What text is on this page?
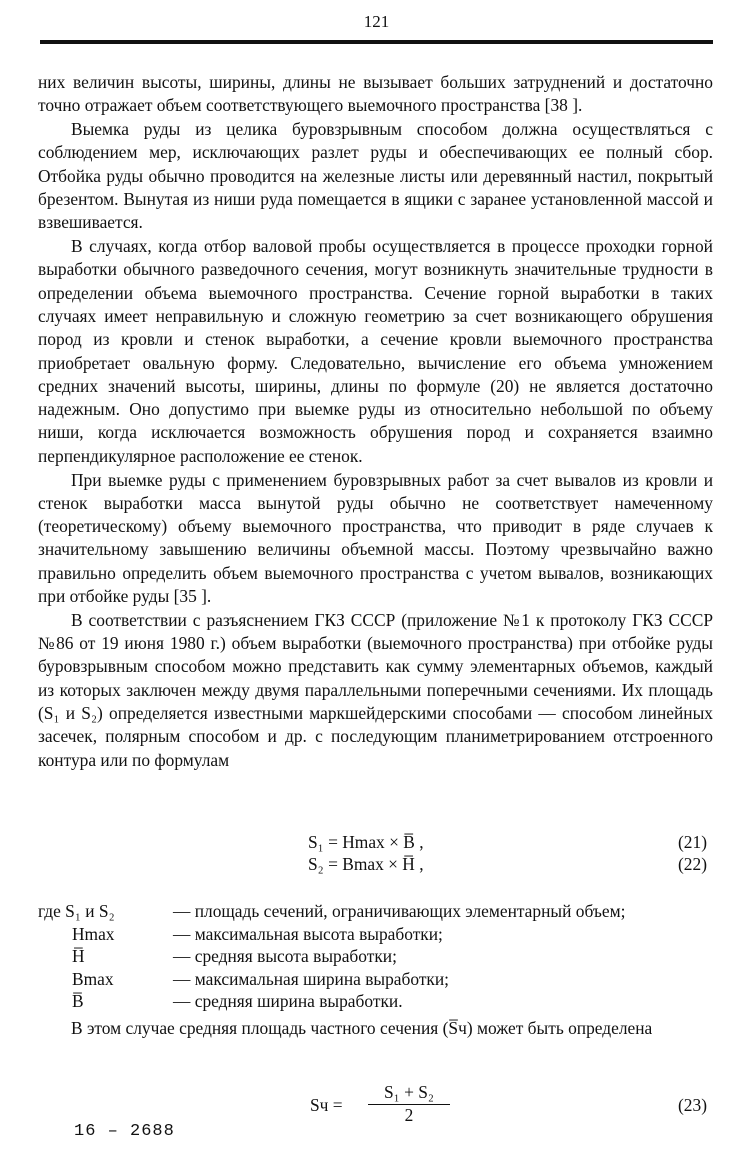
121

них величин высоты, ширины, длины не вызывает больших затруднений и достаточно точно отражает объем соответствующего выемочного пространства [38 ].

Выемка руды из целика буровзрывным способом должна осуществляться с соблюдением мер, исключающих разлет руды и обеспечивающих ее полный сбор. Отбойка руды обычно проводится на железные листы или деревянный настил, покрытый брезентом. Вынутая из ниши руда помещается в ящики с заранее установленной массой и взвешивается.

В случаях, когда отбор валовой пробы осуществляется в процессе проходки горной выработки обычного разведочного сечения, могут возникнуть значительные трудности в определении объема выемочного пространства. Сечение горной выработки в таких случаях имеет неправильную и сложную геометрию за счет возникающего обрушения пород из кровли и стенок выработки, а сечение кровли выемочного пространства приобретает овальную форму. Следовательно, вычисление его объема умножением средних значений высоты, ширины, длины по формуле (20) не является достаточно надежным. Оно допустимо при выемке руды из относительно небольшой по объему ниши, когда исключается возможность обрушения пород и сохраняется взаимно перпендикулярное расположение ее стенок.

При выемке руды с применением буровзрывных работ за счет вывалов из кровли и стенок выработки масса вынутой руды обычно не соответствует намеченному (теоретическому) объему выемочного пространства, что приводит в ряде случаев к значительному завышению величины объемной массы. Поэтому чрезвычайно важно правильно определить объем выемочного пространства с учетом вывалов, возникающих при отбойке руды [35 ].

В соответствии с разъяснением ГКЗ СССР (приложение №1 к протоколу ГКЗ СССР №86 от 19 июня 1980 г.) объем выработки (выемочного пространства) при отбойке руды буровзрывным способом можно представить как сумму элементарных объемов, каждый из которых заключен между двумя параллельными поперечными сечениями. Их площадь (S₁ и S₂) определяется известными маркшейдерскими способами — способом линейных засечек, полярным способом и др. с последующим планиметрированием отстроенного контура или по формулам

S₁ = Hmax × B̅ ,	(21)
S₂ = Bmax × H̅ ,	(22)
где S₁ и S₂	— площадь сечений, ограничивающих элементарный объем;
Hmax	— максимальная высота выработки;
H̅	— средняя высота выработки;
Bmax	— максимальная ширина выработки;
B̅	— средняя ширина выработки.

В этом случае средняя площадь частного сечения (S̅ч) может быть определена

Sч = $\frac{\text{S₁ + S₂}}{2}$	(23)
16 – 2688
